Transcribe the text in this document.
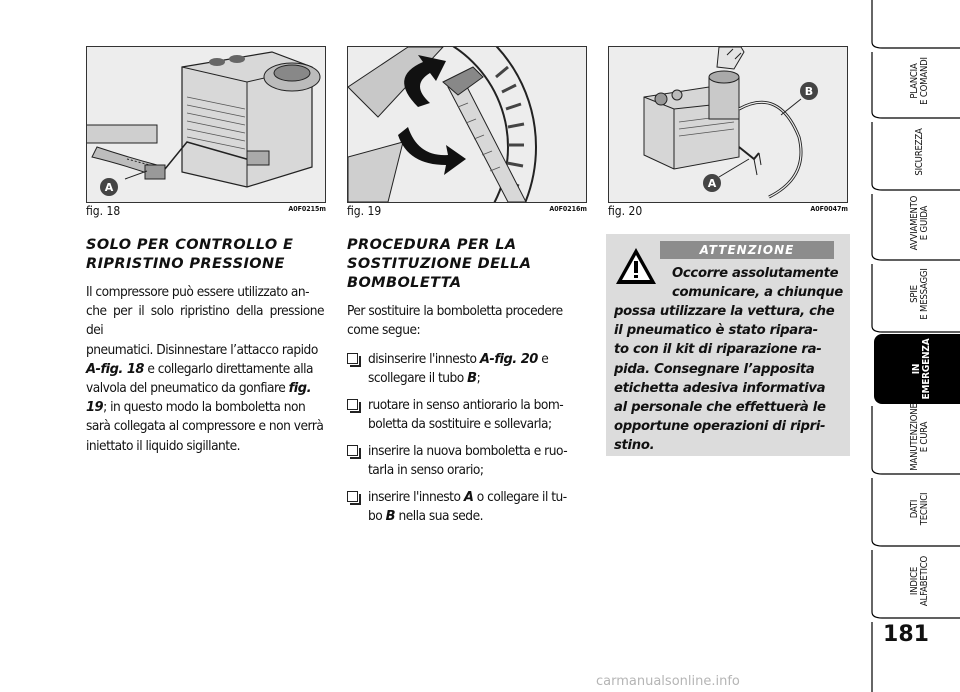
A
fig. 18	A0F0215m fig. 19	A0F0216m
B
A
fig. 20	A0F0047m
SOLO PER CONTROLLO E
RIPRISTINO PRESSIONE
Il compressore può essere utilizzato an-
che per il solo ripristino della pressione dei
pneumatici. Disinnestare l’attacco rapido
A-fig. 18 e collegarlo direttamente alla
valvola del pneumatico da gonfiare fig.
19; in questo modo la bomboletta non
sarà collegata al compressore e non verrà
iniettato il liquido sigillante.
PROCEDURA PER LA
SOSTITUZIONE DELLA
BOMBOLETTA
Per sostituire la bomboletta procedere
come segue:
disinserire l'innesto A-fig. 20 e
scollegare il tubo B;
ruotare in senso antiorario la bom-
boletta da sostituire e sollevarla;
inserire la nuova bomboletta e ruo-
tarla in senso orario;
inserire l'innesto A o collegare il tu-
bo B nella sua sede.
ATTENZIONE
Occorre assolutamente
comunicare, a chiunque
possa utilizzare la vettura, che
il pneumatico è stato ripara-
to con il kit di riparazione ra-
pida. Consegnare l’apposita
etichetta adesiva informativa
al personale che effettuerà le
opportune operazioni di ripri-
stino.
PLANCIA
E COMANDI
SICUREZZA
AVVIAMENTO
E GUIDA
SPIE
E MESSAGGI
IN
EMERGENZA
MANUTENZIONE
E CURA
DATI
TECNICI
INDICE
ALFABETICO
181
carmanualsonline.info
